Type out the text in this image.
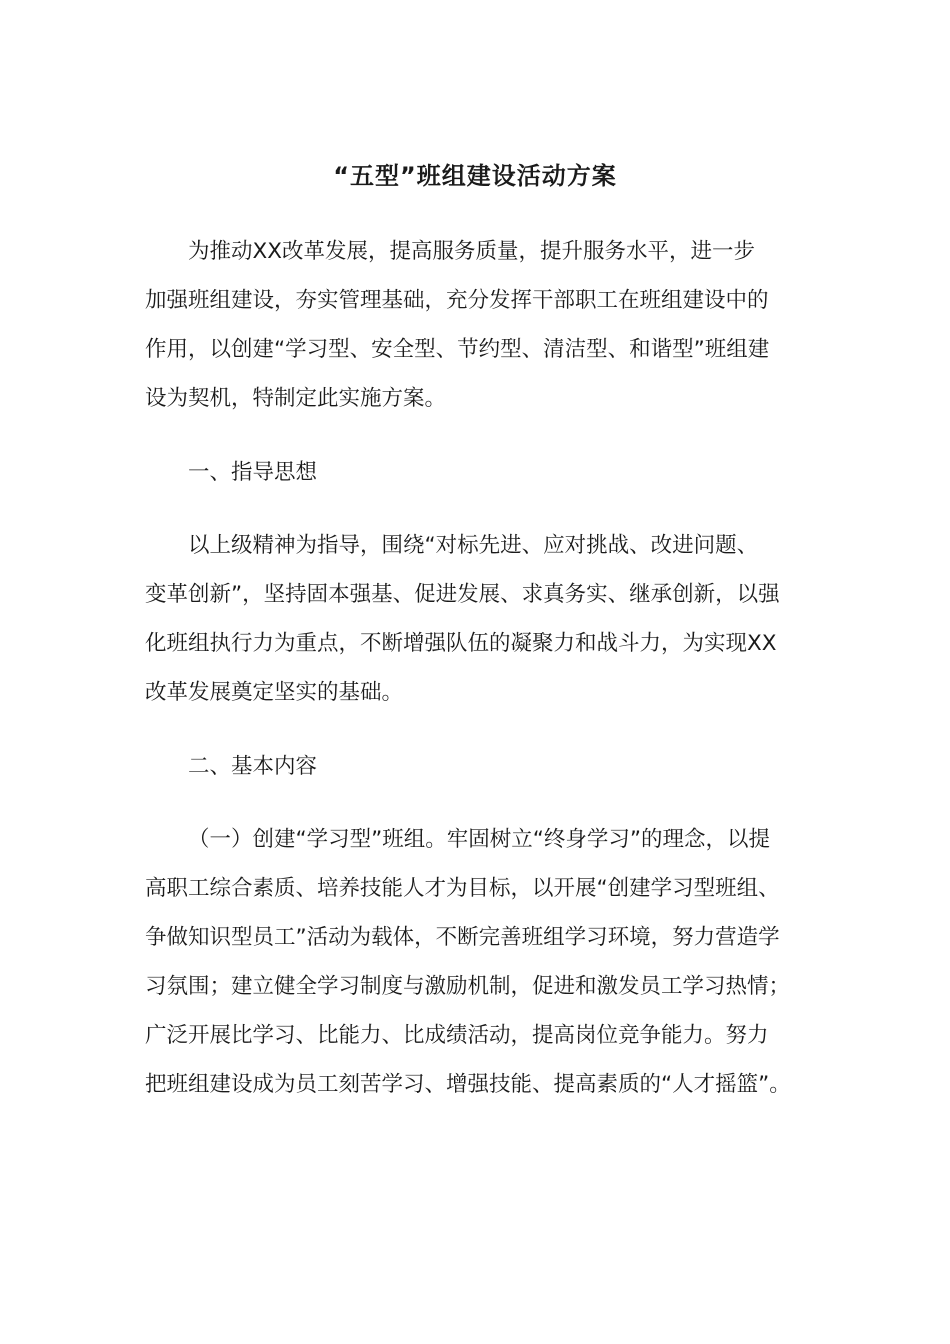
“五型”班组建设活动方案
为推动XX改革发展，提高服务质量，提升服务水平，进一步
加强班组建设，夯实管理基础，充分发挥干部职工在班组建设中的
作用，以创建“学习型、安全型、节约型、清洁型、和谐型”班组建
设为契机，特制定此实施方案。
一、指导思想
以上级精神为指导，围绕“对标先进、应对挑战、改进问题、
变革创新”，坚持固本强基、促进发展、求真务实、继承创新，以强
化班组执行力为重点，不断增强队伍的凝聚力和战斗力，为实现XX
改革发展奠定坚实的基础。
二、基本内容
（一）创建“学习型”班组。牢固树立“终身学习”的理念，以提
高职工综合素质、培养技能人才为目标，以开展“创建学习型班组、
争做知识型员工”活动为载体，不断完善班组学习环境，努力营造学
习氛围；建立健全学习制度与激励机制，促进和激发员工学习热情；
广泛开展比学习、比能力、比成绩活动，提高岗位竞争能力。努力
把班组建设成为员工刻苦学习、增强技能、提高素质的“人才摇篮”。
